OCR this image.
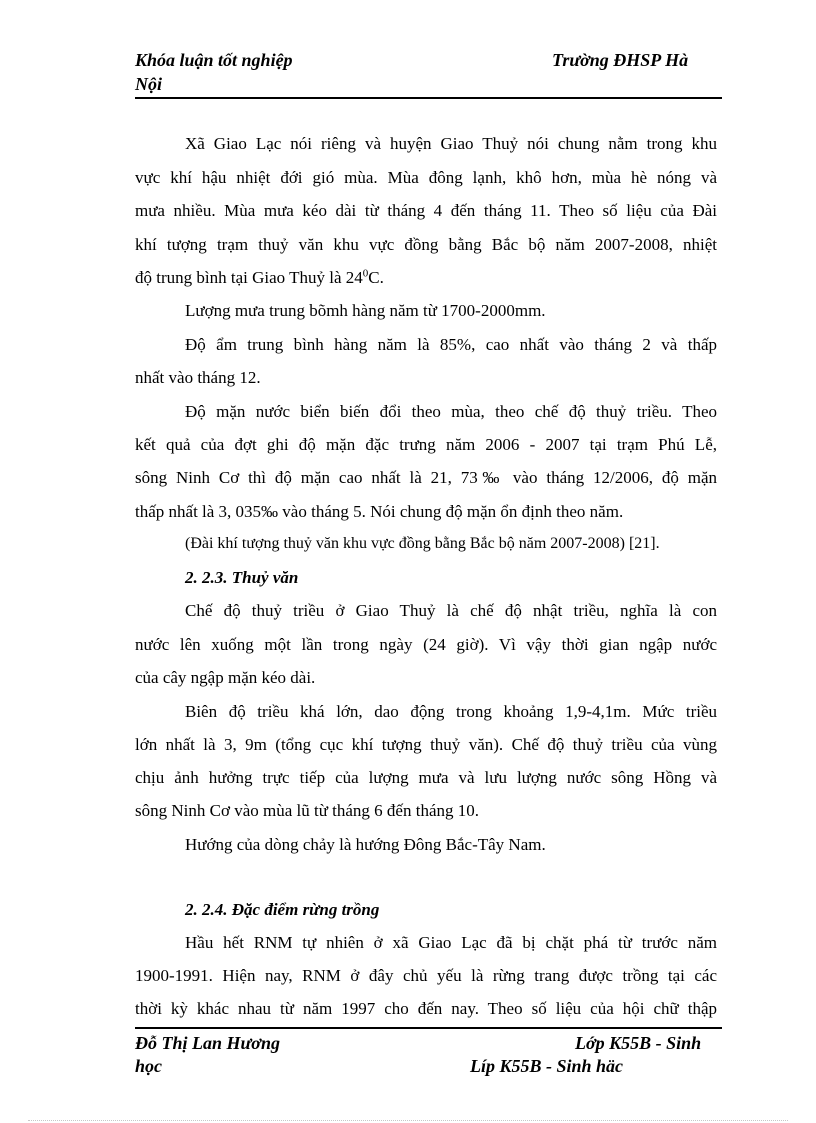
Khóa luận tốt nghiệp
Nội
Trường ĐHSP Hà
Xã Giao Lạc nói riêng và huyện Giao Thuỷ nói chung nằm trong khu
vực khí hậu nhiệt đới gió mùa. Mùa đông lạnh, khô hơn, mùa hè nóng và
mưa nhiều. Mùa mưa kéo dài từ tháng 4 đến tháng 11. Theo số liệu của Đài
khí tượng trạm thuỷ văn khu vực đồng bằng Bắc bộ năm 2007-2008, nhiệt
độ trung bình tại Giao Thuỷ là $24^0C$.
Lượng mưa trung bõmh hàng năm từ 1700-2000mm.
Độ ẩm trung bình hàng năm là 85%, cao nhất vào tháng 2 và thấp
nhất vào tháng 12.
Độ mặn nước biển biến đổi theo mùa, theo chế độ thuỷ triều. Theo
kết quả của đợt ghi độ mặn đặc trưng năm 2006 - 2007 tại trạm Phú Lễ,
sông Ninh Cơ thì độ mặn cao nhất là 21, 73‰ vào tháng 12/2006, độ mặn
thấp nhất là 3, 035‰ vào tháng 5. Nói chung độ mặn ổn định theo năm.
(Đài khí tượng thuỷ văn khu vực đồng bằng Bắc bộ năm 2007-2008) [21].
2. 2.3. Thuỷ văn
Chế độ thuỷ triều ở Giao Thuỷ là chế độ nhật triều, nghĩa là con
nước lên xuống một lần trong ngày (24 giờ). Vì vậy thời gian ngập nước
của cây ngập mặn kéo dài.
Biên độ triều khá lớn, dao động trong khoảng 1,9-4,1m. Mức triều
lớn nhất là 3, 9m (tổng cục khí tượng thuỷ văn). Chế độ thuỷ triều của vùng
chịu ảnh hưởng trực tiếp của lượng mưa và lưu lượng nước sông Hồng và
sông Ninh Cơ vào mùa lũ từ tháng 6 đến tháng 10.
Hướng của dòng chảy là hướng Đông Bắc-Tây Nam.
2. 2.4. Đặc điểm rừng trồng
Hầu hết RNM tự nhiên ở xã Giao Lạc đã bị chặt phá từ trước năm
1900-1991. Hiện nay, RNM ở đây chủ yếu là rừng trang được trồng tại các
thời kỳ khác nhau từ năm 1997 cho đến nay. Theo số liệu của hội chữ thập
Đỗ Thị Lan Hương
học
Lớp K55B - Sinh
Líp K55B - Sinh häc
